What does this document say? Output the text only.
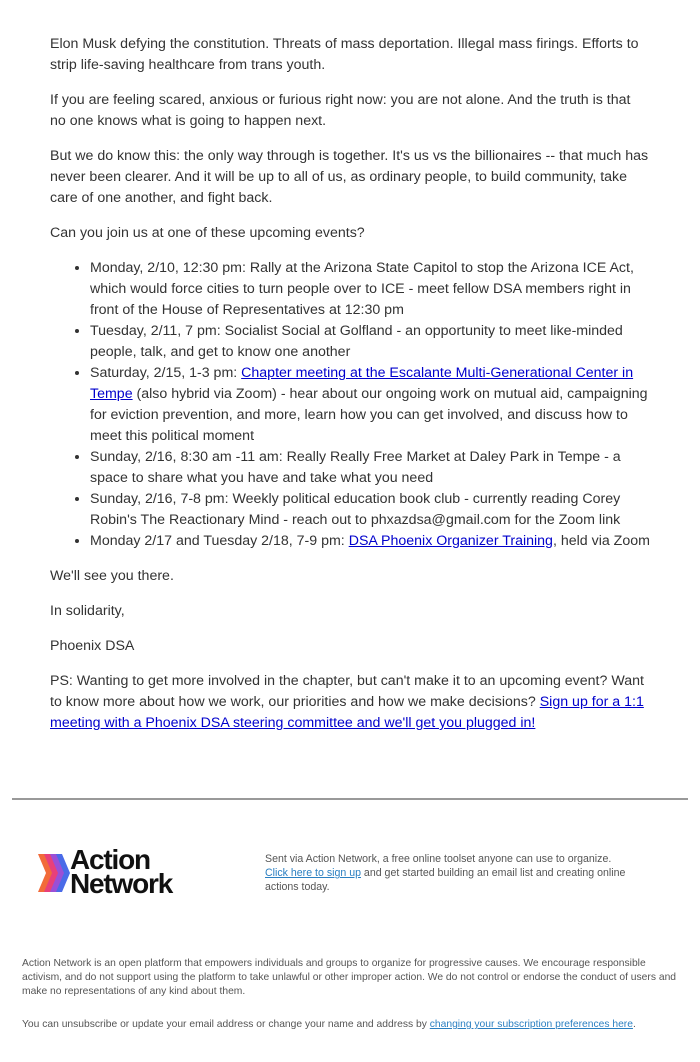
Elon Musk defying the constitution. Threats of mass deportation. Illegal mass firings. Efforts to strip life-saving healthcare from trans youth.

If you are feeling scared, anxious or furious right now: you are not alone. And the truth is that no one knows what is going to happen next.

But we do know this: the only way through is together. It's us vs the billionaires -- that much has never been clearer. And it will be up to all of us, as ordinary people, to build community, take care of one another, and fight back.

Can you join us at one of these upcoming events?

• Monday, 2/10, 12:30 pm: Rally at the Arizona State Capitol to stop the Arizona ICE Act, which would force cities to turn people over to ICE - meet fellow DSA members right in front of the House of Representatives at 12:30 pm
• Tuesday, 2/11, 7 pm: Socialist Social at Golfland - an opportunity to meet like-minded people, talk, and get to know one another
• Saturday, 2/15, 1-3 pm: Chapter meeting at the Escalante Multi-Generational Center in Tempe (also hybrid via Zoom) - hear about our ongoing work on mutual aid, campaigning for eviction prevention, and more, learn how you can get involved, and discuss how to meet this political moment
• Sunday, 2/16, 8:30 am -11 am: Really Really Free Market at Daley Park in Tempe - a space to share what you have and take what you need
• Sunday, 2/16, 7-8 pm: Weekly political education book club - currently reading Corey Robin's The Reactionary Mind - reach out to phxazdsa@gmail.com for the Zoom link
• Monday 2/17 and Tuesday 2/18, 7-9 pm: DSA Phoenix Organizer Training, held via Zoom

We'll see you there.

In solidarity,

Phoenix DSA

PS: Wanting to get more involved in the chapter, but can't make it to an upcoming event? Want to know more about how we work, our priorities and how we make decisions? Sign up for a 1:1 meeting with a Phoenix DSA steering committee and we'll get you plugged in!

Action
Network
Sent via Action Network, a free online toolset anyone can use to organize.
Click here to sign up and get started building an email list and creating online actions today.
Action Network is an open platform that empowers individuals and groups to organize for progressive causes. We encourage responsible activism, and do not support using the platform to take unlawful or other improper action. We do not control or endorse the conduct of users and make no representations of any kind about them.
You can unsubscribe or update your email address or change your name and address by changing your subscription preferences here.
